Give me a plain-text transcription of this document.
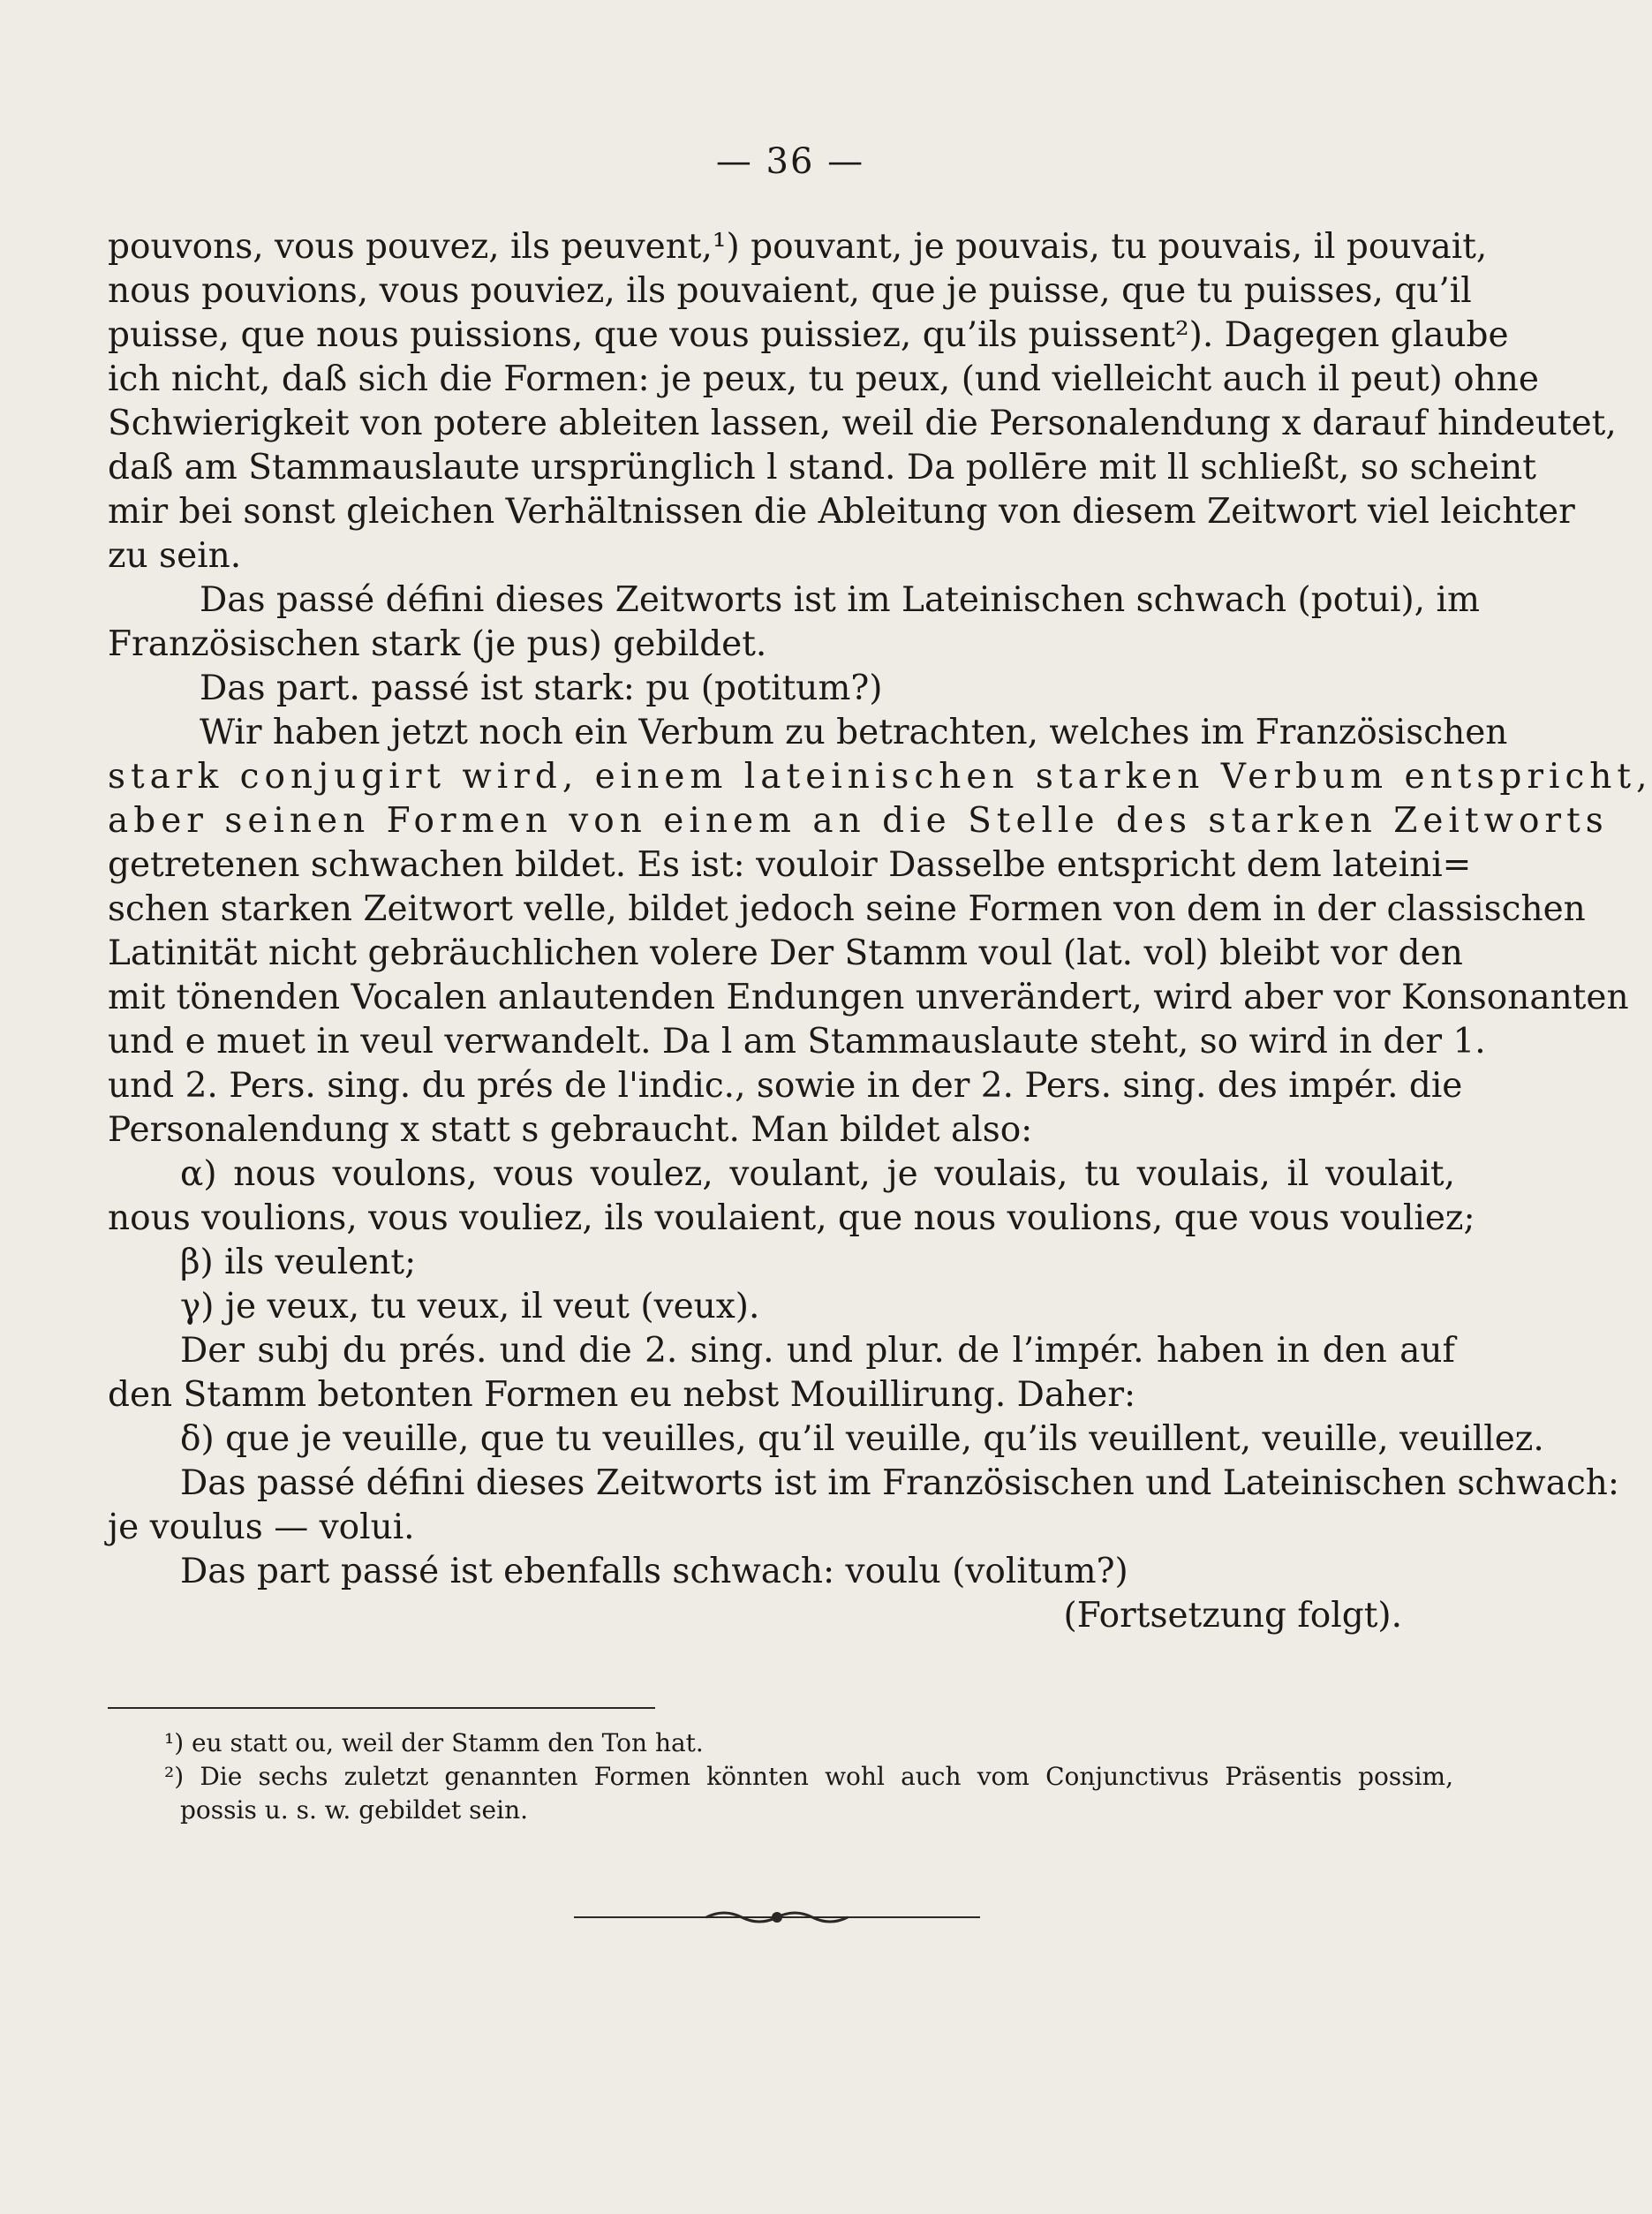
— 36 —
pouvons, vous pouvez, ils peuvent,¹) pouvant, je pouvais, tu pouvais, il pouvait,
nous pouvions, vous pouviez, ils pouvaient, que je puisse, que tu puisses, qu’il
puisse, que nous puissions, que vous puissiez, qu’ils puissent²). Dagegen glaube
ich nicht, daß sich die Formen: je peux, tu peux, (und vielleicht auch il peut) ohne
Schwierigkeit von potere ableiten lassen, weil die Personalendung x darauf hindeutet,
daß am Stammauslaute ursprünglich l stand. Da pollēre mit ll schließt, so scheint
mir bei sonst gleichen Verhältnissen die Ableitung von diesem Zeitwort viel leichter
zu sein.
Das passé défini dieses Zeitworts ist im Lateinischen schwach (potui), im
Französischen stark (je pus) gebildet.
Das part. passé ist stark: pu (potitum?)
Wir haben jetzt noch ein Verbum zu betrachten, welches im Französischen
stark conjugirt wird, einem lateinischen starken Verbum entspricht,
aber seinen Formen von einem an die Stelle des starken Zeitworts
getretenen schwachen bildet. Es ist: vouloir Dasselbe entspricht dem lateini=
schen starken Zeitwort velle, bildet jedoch seine Formen von dem in der classischen
Latinität nicht gebräuchlichen volere Der Stamm voul (lat. vol) bleibt vor den
mit tönenden Vocalen anlautenden Endungen unverändert, wird aber vor Konsonanten
und e muet in veul verwandelt. Da l am Stammauslaute steht, so wird in der 1.
und 2. Pers. sing. du prés de l'indic., sowie in der 2. Pers. sing. des impér. die
Personalendung x statt s gebraucht. Man bildet also:
α) nous voulons, vous voulez, voulant, je voulais, tu voulais, il voulait,
nous voulions, vous vouliez, ils voulaient, que nous voulions, que vous vouliez;
β) ils veulent;
γ) je veux, tu veux, il veut (veux).
Der subj du prés. und die 2. sing. und plur. de l’impér. haben in den auf
den Stamm betonten Formen eu nebst Mouillirung. Daher:
δ) que je veuille, que tu veuilles, qu’il veuille, qu’ils veuillent, veuille, veuillez.
Das passé défini dieses Zeitworts ist im Französischen und Lateinischen schwach:
je voulus — volui.
Das part passé ist ebenfalls schwach: voulu (volitum?)
(Fortsetzung folgt).
¹) eu statt ou, weil der Stamm den Ton hat.
²) Die sechs zuletzt genannten Formen könnten wohl auch vom Conjunctivus Präsentis possim,
possis u. s. w. gebildet sein.
